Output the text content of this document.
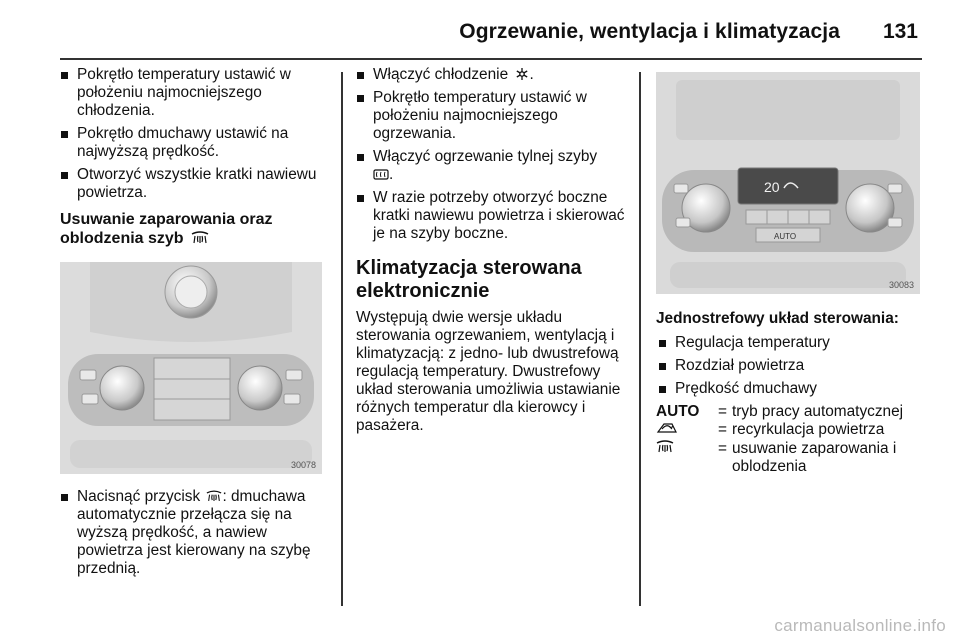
Ogrzewanie, wentylacja i klimatyzacja 131
Pokrętło temperatury ustawić w położeniu najmocniejszego chłodzenia.
Pokrętło dmuchawy ustawić na najwyższą prędkość.
Otworzyć wszystkie kratki nawiewu powietrza.
Usuwanie zaparowania oraz oblodzenia szyb
30078
Nacisnąć przycisk : dmuchawa automatycznie przełącza się na wyższą prędkość, a nawiew powietrza jest kierowany na szybę przednią.
Włączyć chłodzenie .
Pokrętło temperatury ustawić w położeniu najmocniejszego ogrzewania.
Włączyć ogrzewanie tylnej szyby
.
W razie potrzeby otworzyć boczne kratki nawiewu powietrza i skierować je na szyby boczne.
Klimatyzacja sterowana elektronicznie

Występują dwie wersje układu sterowania ogrzewaniem, wentylacją i klimatyzacją: z jedno- lub dwustrefową regulacją temperatury. Dwustrefowy układ sterowania umożliwia ustawianie różnych temperatur dla kierowcy i pasażera.

20
AUTO
30083
Jednostrefowy układ sterowania:
Regulacja temperatury
Rozdział powietrza
Prędkość dmuchawy
AUTO	= tryb pracy automatycznej
= recyrkulacja powietrza
= usuwanie zaparowania i oblodzenia
carmanualsonline.info
